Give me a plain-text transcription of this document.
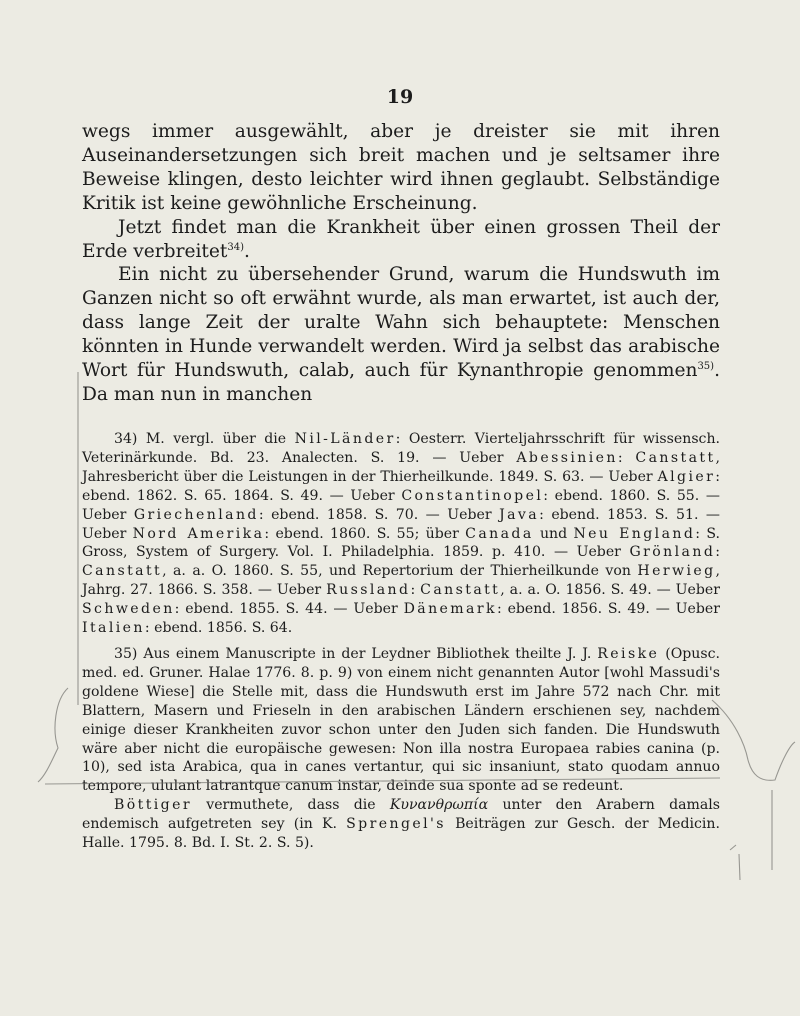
19

wegs immer ausgewählt, aber je dreister sie mit ihren Auseinandersetzungen sich breit machen und je seltsamer ihre Beweise klingen, desto leichter wird ihnen geglaubt. Selbständige Kritik ist keine gewöhnliche Erscheinung.

Jetzt findet man die Krankheit über einen grossen Theil der Erde verbreitet$^{34)}$.

Ein nicht zu übersehender Grund, warum die Hundswuth im Ganzen nicht so oft erwähnt wurde, als man erwartet, ist auch der, dass lange Zeit der uralte Wahn sich behauptete: Menschen könnten in Hunde verwandelt werden. Wird ja selbst das arabische Wort für Hundswuth, calab, auch für Kynanthropie genommen$^{35)}$. Da man nun in manchen

34) M. vergl. über die Nil-Länder: Oesterr. Vierteljahrsschrift für wissensch. Veterinärkunde. Bd. 23. Analecten. S. 19. — Ueber Abessinien: Canstatt, Jahresbericht über die Leistungen in der Thierheilkunde. 1849. S. 63. — Ueber Algier: ebend. 1862. S. 65. 1864. S. 49. — Ueber Constantinopel: ebend. 1860. S. 55. — Ueber Griechenland: ebend. 1858. S. 70. — Ueber Java: ebend. 1853. S. 51. — Ueber Nord Amerika: ebend. 1860. S. 55; über Canada und Neu England: S. Gross, System of Surgery. Vol. I. Philadelphia. 1859. p. 410. — Ueber Grönland: Canstatt, a. a. O. 1860. S. 55, und Repertorium der Thierheilkunde von Herwieg, Jahrg. 27. 1866. S. 358. — Ueber Russland: Canstatt, a. a. O. 1856. S. 49. — Ueber Schweden: ebend. 1855. S. 44. — Ueber Dänemark: ebend. 1856. S. 49. — Ueber Italien: ebend. 1856. S. 64.

35) Aus einem Manuscripte in der Leydner Bibliothek theilte J. J. Reiske (Opusc. med. ed. Gruner. Halae 1776. 8. p. 9) von einem nicht genannten Autor [wohl Massudi's goldene Wiese] die Stelle mit, dass die Hundswuth erst im Jahre 572 nach Chr. mit Blattern, Masern und Frieseln in den arabischen Ländern erschienen sey, nachdem einige dieser Krankheiten zuvor schon unter den Juden sich fanden. Die Hundswuth wäre aber nicht die europäische gewesen: Non illa nostra Europaea rabies canina (p. 10), sed ista Arabica, qua in canes vertantur, qui sic insaniunt, stato quodam annuo tempore, ululant latrantque canum instar, deinde sua sponte ad se redeunt.

Böttiger vermuthete, dass die Κυνανθρωπία unter den Arabern damals endemisch aufgetreten sey (in K. Sprengel's Beiträgen zur Gesch. der Medicin. Halle. 1795. 8. Bd. I. St. 2. S. 5).
